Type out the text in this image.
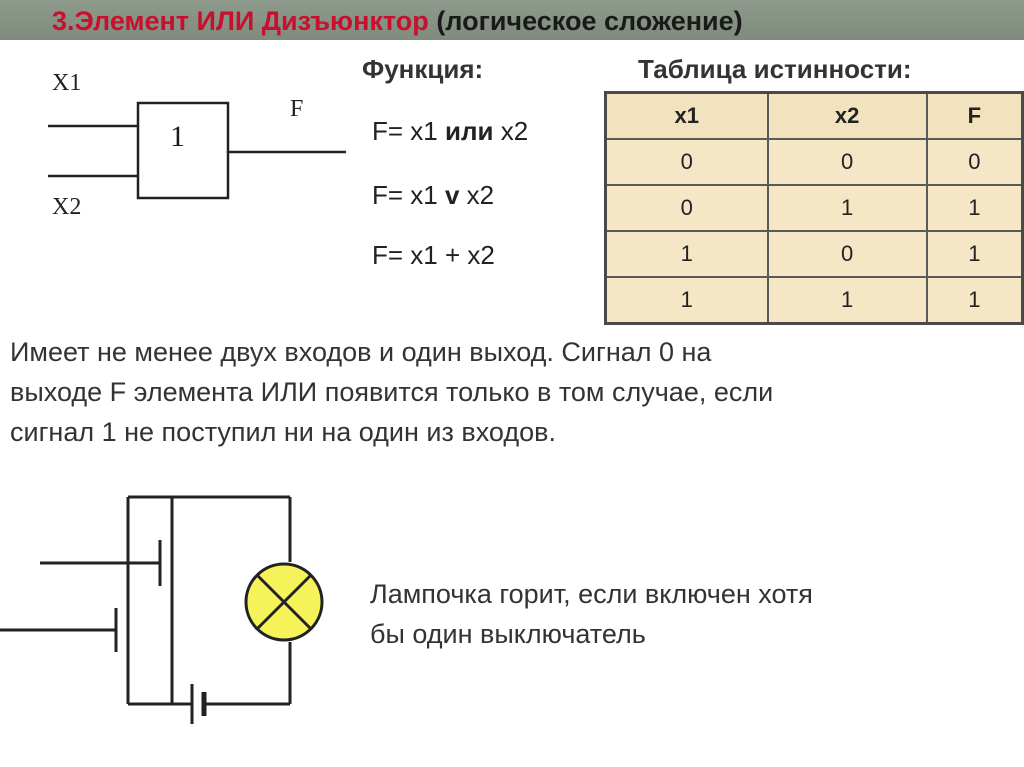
3.Элемент ИЛИ Дизъюнктор (логическое сложение)
X1
X2
1
F
Функция:
F= x1 или x2
F= x1 v x2
F= x1 + x2
Таблица истинности:
x1	x2	F
0	0	0
0	1	1
1	0	1
1	1	1
Имеет не менее двух входов и один выход. Сигнал 0 на
выходе F элемента ИЛИ появится только в том случае, если
сигнал 1 не поступил ни на один из входов.
Лампочка горит, если включен хотя
бы один выключатель
